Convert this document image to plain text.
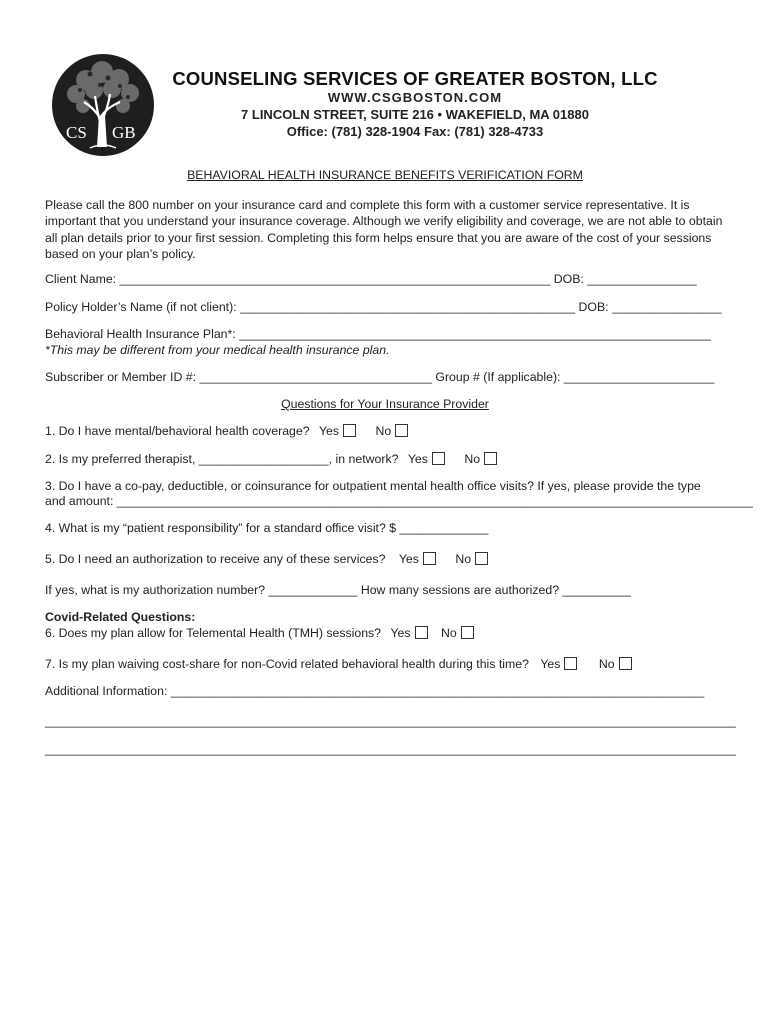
CS GB
COUNSELING SERVICES OF GREATER BOSTON, LLC
WWW.CSGBOSTON.COM
7 LINCOLN STREET, SUITE 216 • WAKEFIELD, MA 01880
Office: (781) 328-1904 Fax: (781) 328-4733
BEHAVIORAL HEALTH INSURANCE BENEFITS VERIFICATION FORM
Please call the 800 number on your insurance card and complete this form with a customer service representative. It is important that you understand your insurance coverage. Although we verify eligibility and coverage, we are not able to obtain all plan details prior to your first session. Completing this form helps ensure that you are aware of the cost of your sessions based on your plan’s policy.
Client Name: _______________________________________________________________ DOB: ________________
Policy Holder’s Name (if not client): _________________________________________________ DOB: ________________
Behavioral Health Insurance Plan*: _____________________________________________________________________
*This may be different from your medical health insurance plan.
Subscriber or Member ID #: __________________________________ Group # (If applicable): ______________________
Questions for Your Insurance Provider
1. Do I have mental/behavioral health coverage? Yes	No
2. Is my preferred therapist, ___________________, in network? Yes	No
3. Do I have a co-pay, deductible, or coinsurance for outpatient mental health office visits? If yes, please provide the type
and amount: _____________________________________________________________________________________________
4. What is my “patient responsibility” for a standard office visit? $ _____________
5. Do I need an authorization to receive any of these services? Yes	No
If yes, what is my authorization number? _____________ How many sessions are authorized? __________
Covid-Related Questions:
6. Does my plan allow for Telemental Health (TMH) sessions? Yes No
7. Is my plan waiving cost-share for non-Covid related behavioral health during this time? Yes	No
Additional Information: ______________________________________________________________________________
_____________________________________________________________________________________________________
_____________________________________________________________________________________________________
